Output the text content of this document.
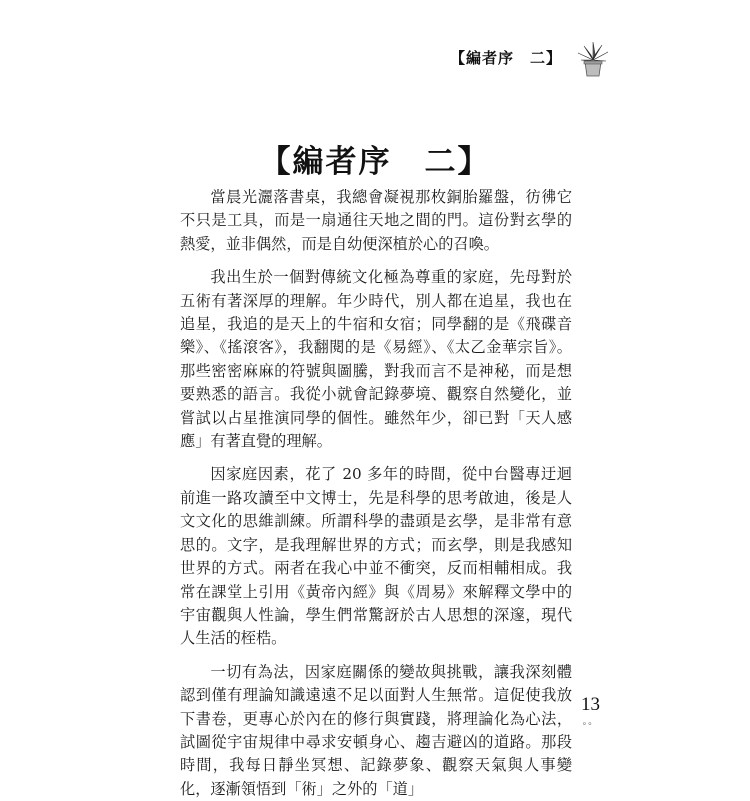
【編者序　二】
【編者序　二】

當晨光灑落書桌，我總會凝視那枚銅胎羅盤，彷彿它不只是工具，而是一扇通往天地之間的門。這份對玄學的熱愛，並非偶然，而是自幼便深植於心的召喚。

我出生於一個對傳統文化極為尊重的家庭，先母對於五術有著深厚的理解。年少時代，別人都在追星，我也在追星，我追的是天上的牛宿和女宿；同學翻的是《飛碟音樂》、《搖滾客》，我翻閱的是《易經》、《太乙金華宗旨》。那些密密麻麻的符號與圖騰，對我而言不是神秘，而是想要熟悉的語言。我從小就會記錄夢境、觀察自然變化，並嘗試以占星推演同學的個性。雖然年少，卻已對「天人感應」有著直覺的理解。

因家庭因素，花了 20 多年的時間，從中台醫專迂迴前進一路攻讀至中文博士，先是科學的思考啟迪，後是人文文化的思維訓練。所謂科學的盡頭是玄學，是非常有意思的。文字，是我理解世界的方式；而玄學，則是我感知世界的方式。兩者在我心中並不衝突，反而相輔相成。我常在課堂上引用《黃帝內經》與《周易》來解釋文學中的宇宙觀與人性論，學生們常驚訝於古人思想的深邃，現代人生活的桎梏。

一切有為法，因家庭關係的變故與挑戰，讓我深刻體認到僅有理論知識遠遠不足以面對人生無常。這促使我放下書卷，更專心於內在的修行與實踐，將理論化為心法，試圖從宇宙規律中尋求安頓身心、趨吉避凶的道路。那段時間，我每日靜坐冥想、記錄夢象、觀察天氣與人事變化，逐漸領悟到「術」之外的「道」

13
。。
